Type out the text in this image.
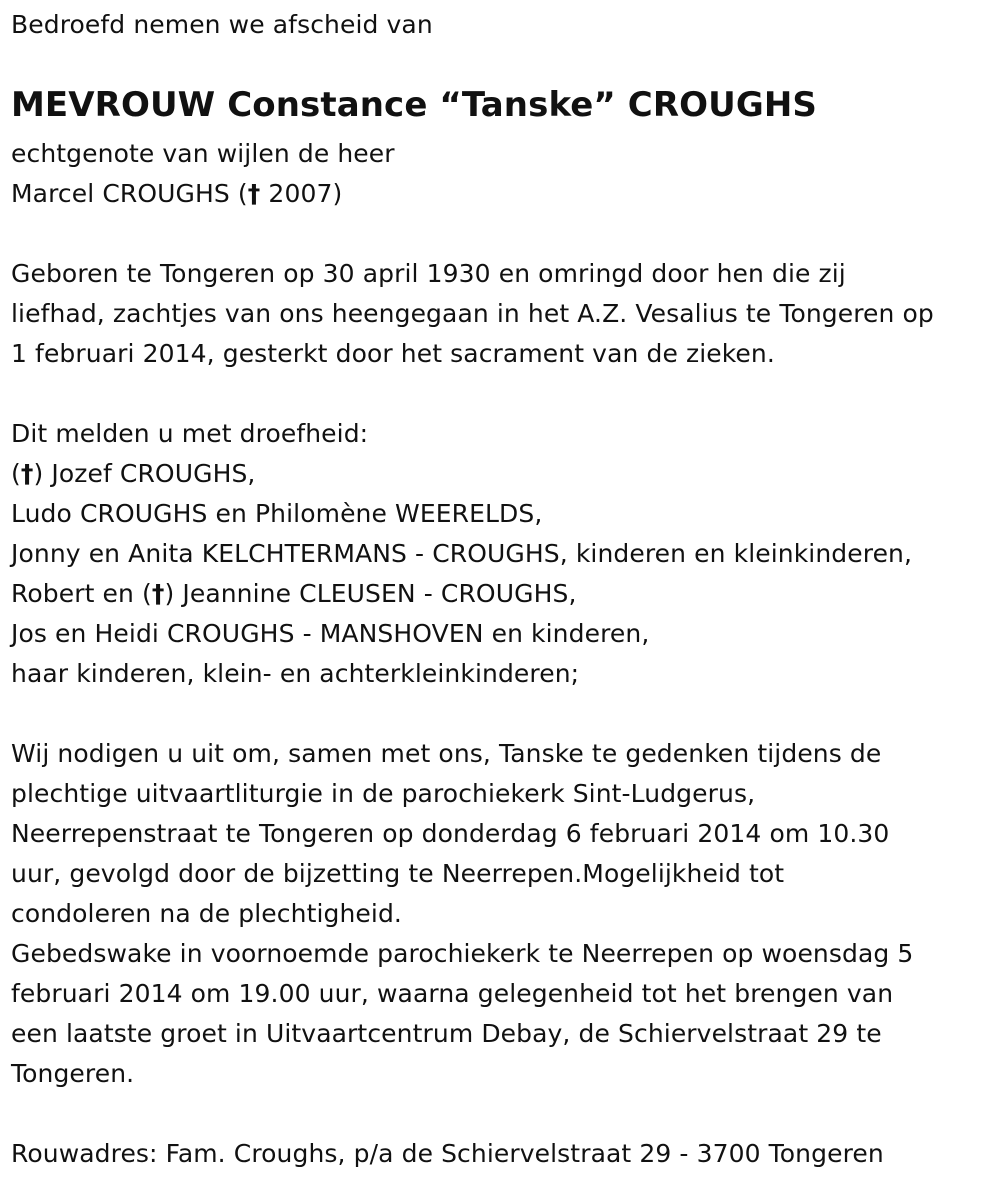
Bedroefd nemen we afscheid van
MEVROUW Constance “Tanske” CROUGHS
echtgenote van wijlen de heer
Marcel CROUGHS († 2007)
Geboren te Tongeren op 30 april 1930 en omringd door hen die zij
liefhad, zachtjes van ons heengegaan in het A.Z. Vesalius te Tongeren op
1 februari 2014, gesterkt door het sacrament van de zieken.
Dit melden u met droefheid:
(†) Jozef CROUGHS,
Ludo CROUGHS en Philomène WEERELDS,
Jonny en Anita KELCHTERMANS - CROUGHS, kinderen en kleinkinderen,
Robert en (†) Jeannine CLEUSEN - CROUGHS,
Jos en Heidi CROUGHS - MANSHOVEN en kinderen,
haar kinderen, klein- en achterkleinkinderen;
Wij nodigen u uit om, samen met ons, Tanske te gedenken tijdens de
plechtige uitvaartliturgie in de parochiekerk Sint-Ludgerus,
Neerrepenstraat te Tongeren op donderdag 6 februari 2014 om 10.30
uur, gevolgd door de bijzetting te Neerrepen.Mogelijkheid tot
condoleren na de plechtigheid.
Gebedswake in voornoemde parochiekerk te Neerrepen op woensdag 5
februari 2014 om 19.00 uur, waarna gelegenheid tot het brengen van
een laatste groet in Uitvaartcentrum Debay, de Schiervelstraat 29 te
Tongeren.
Rouwadres: Fam. Croughs, p/a de Schiervelstraat 29 - 3700 Tongeren
